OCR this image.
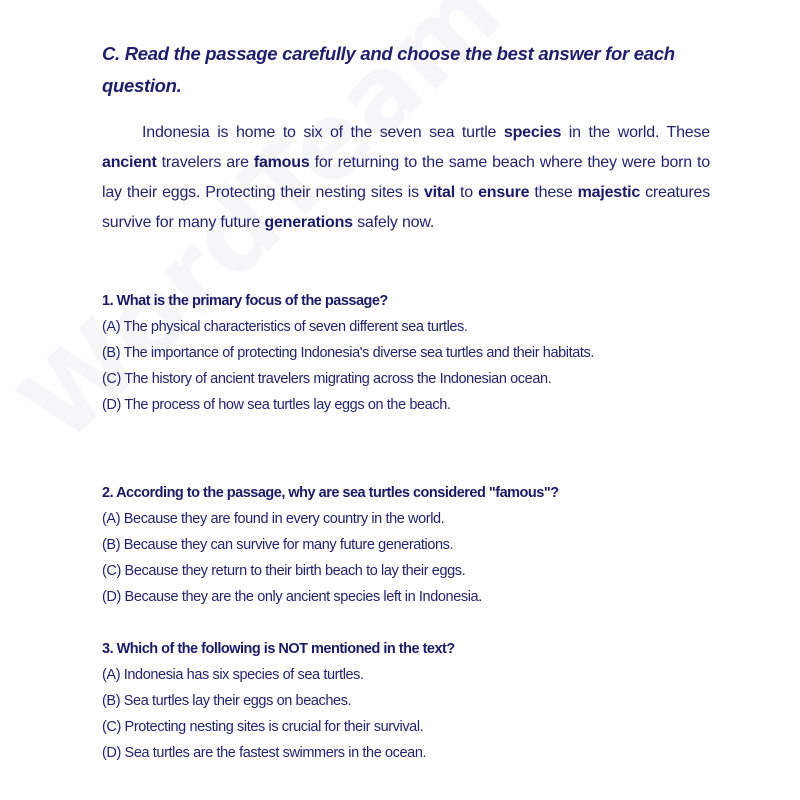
C. Read the passage carefully and choose the best answer for each question.

Indonesia is home to six of the seven sea turtle species in the world. These ancient travelers are famous for returning to the same beach where they were born to lay their eggs. Protecting their nesting sites is vital to ensure these majestic creatures survive for many future generations safely now.

1. What is the primary focus of the passage?
(A) The physical characteristics of seven different sea turtles.
(B) The importance of protecting Indonesia's diverse sea turtles and their habitats.
(C) The history of ancient travelers migrating across the Indonesian ocean.
(D) The process of how sea turtles lay eggs on the beach.
2. According to the passage, why are sea turtles considered "famous"?
(A) Because they are found in every country in the world.
(B) Because they can survive for many future generations.
(C) Because they return to their birth beach to lay their eggs.
(D) Because they are the only ancient species left in Indonesia.
3. Which of the following is NOT mentioned in the text?
(A) Indonesia has six species of sea turtles.
(B) Sea turtles lay their eggs on beaches.
(C) Protecting nesting sites is crucial for their survival.
(D) Sea turtles are the fastest swimmers in the ocean.
